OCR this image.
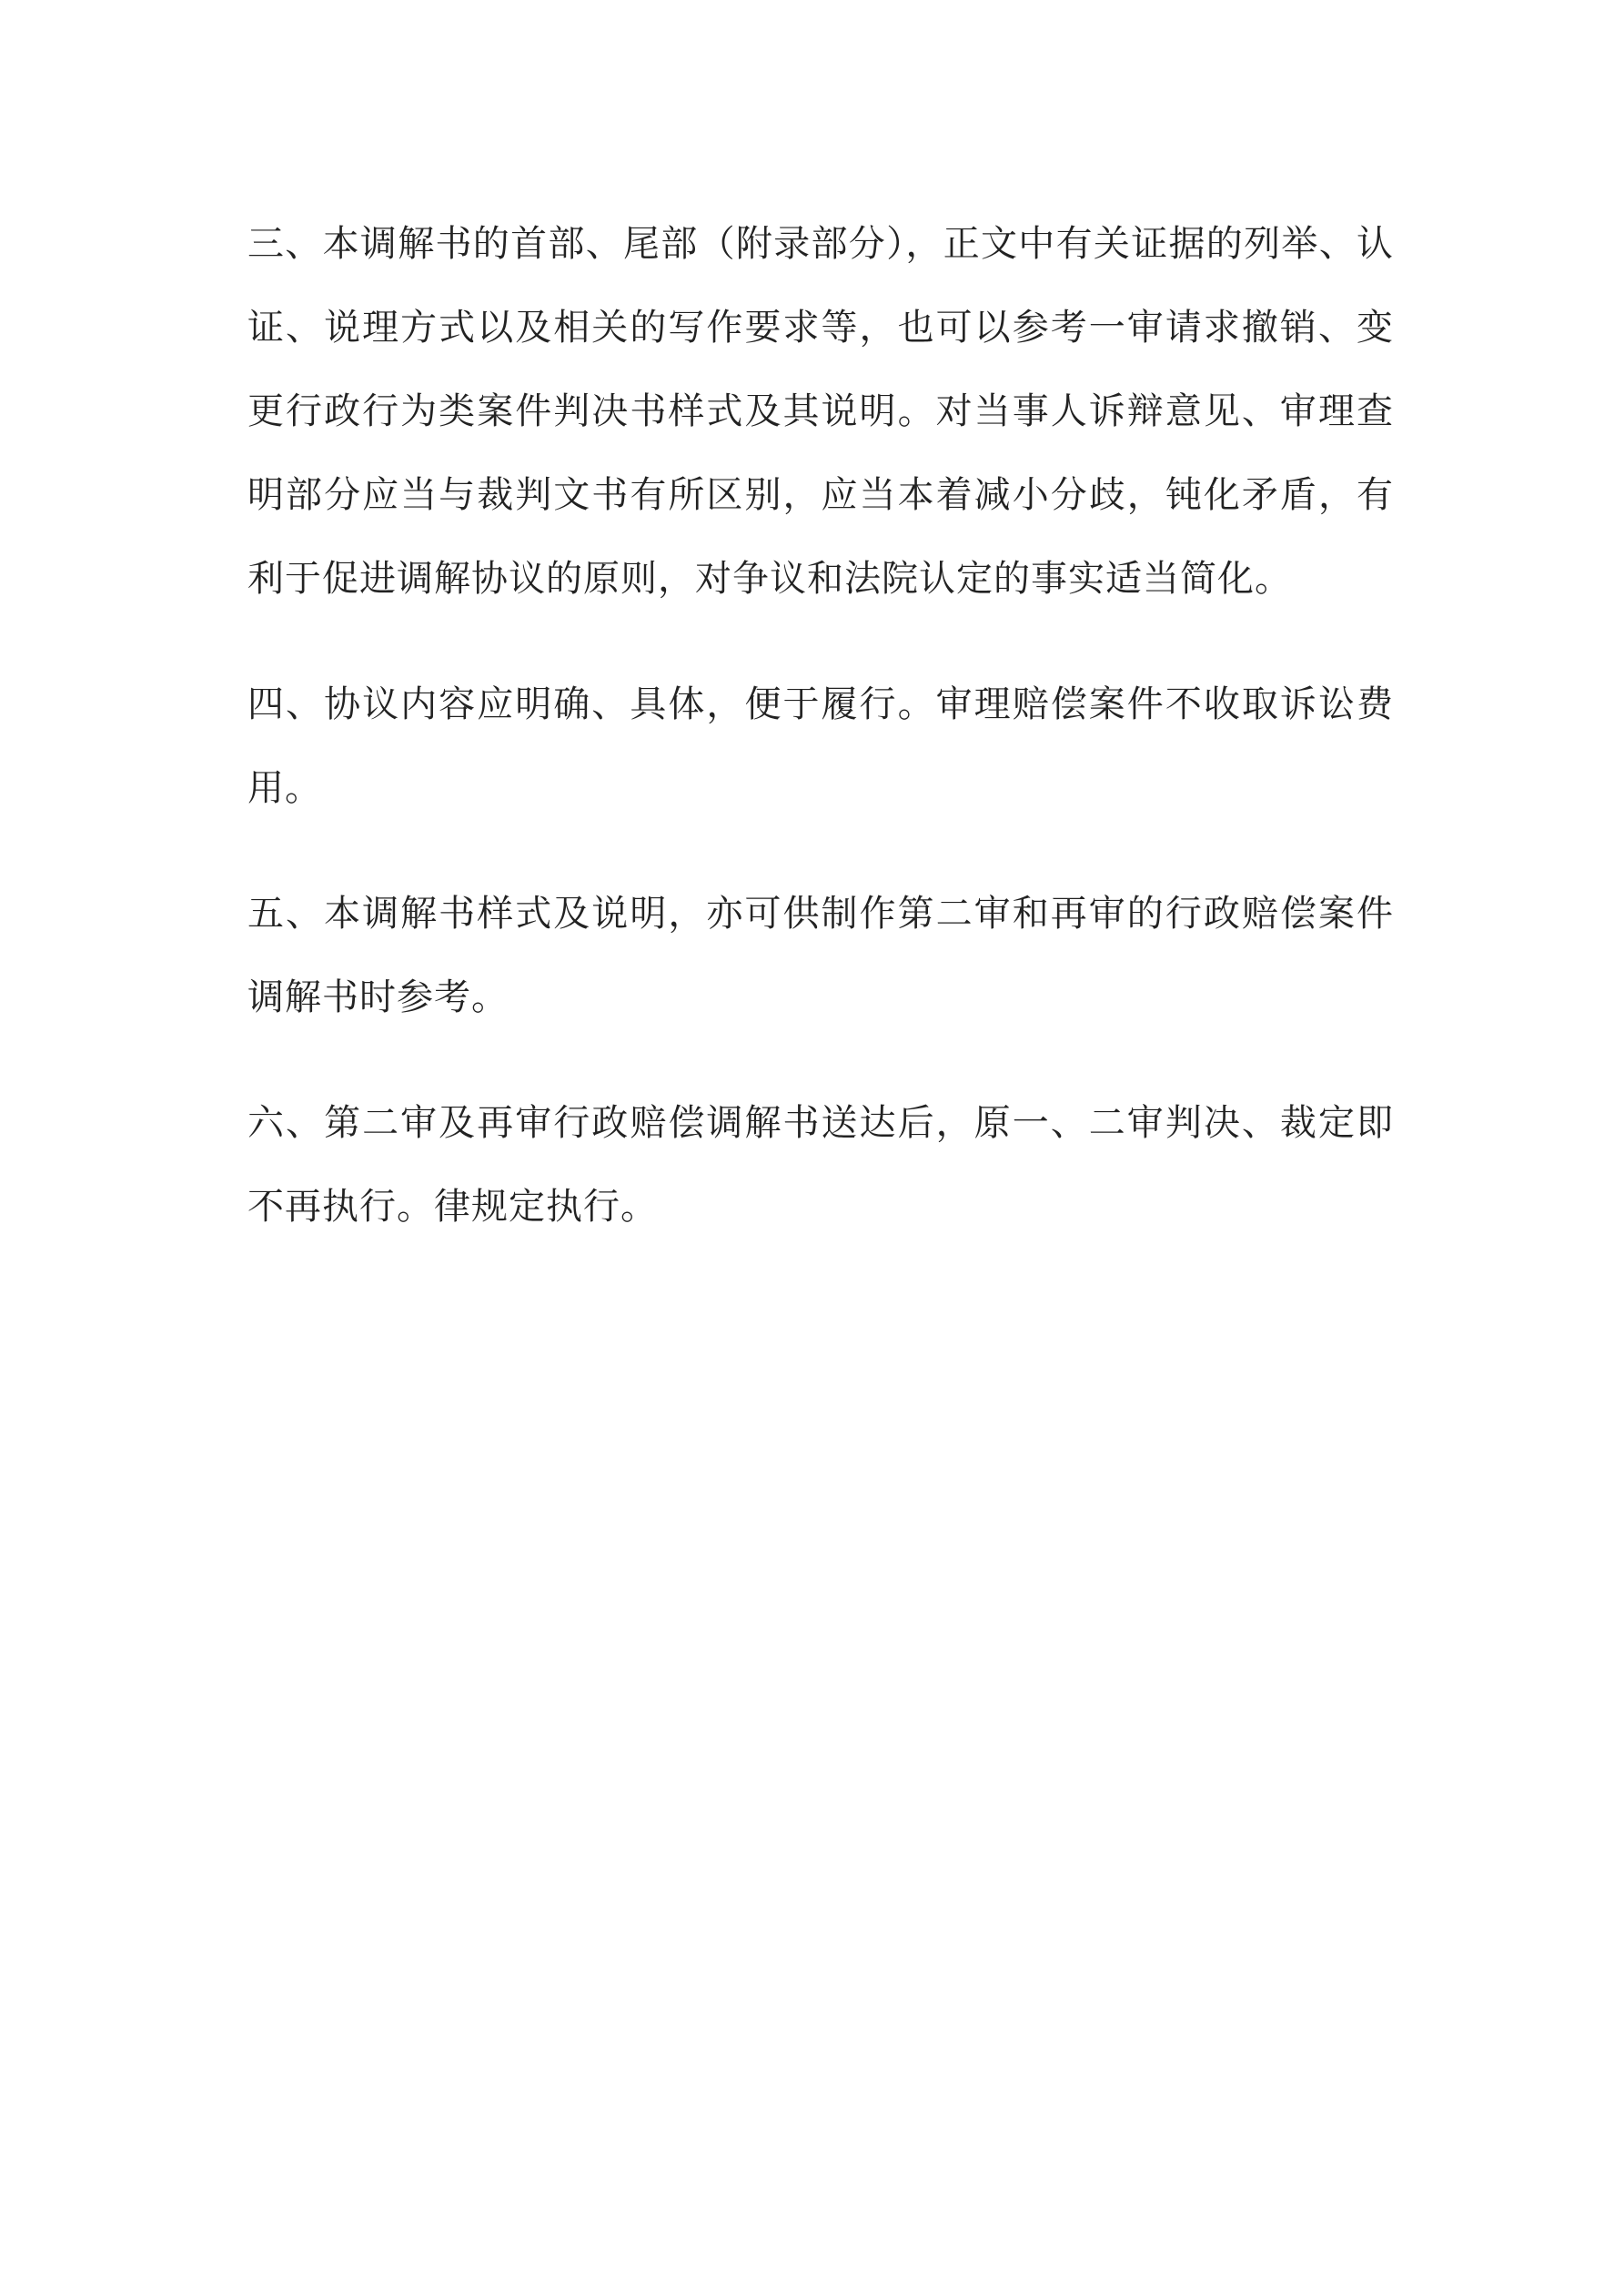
三、本调解书的首部、尾部（附录部分），正文中有关证据的列举、认证、说理方式以及相关的写作要求等，也可以参考一审请求撤销、变更行政行为类案件判决书样式及其说明。对当事人诉辩意见、审理查明部分应当与裁判文书有所区别，应当本着减小分歧，钝化矛盾，有利于促进调解协议的原则，对争议和法院认定的事实适当简化。

四、协议内容应明确、具体，便于履行。审理赔偿案件不收取诉讼费用。

五、本调解书样式及说明，亦可供制作第二审和再审的行政赔偿案件调解书时参考。

六、第二审及再审行政赔偿调解书送达后，原一、二审判决、裁定即不再执行。律规定执行。
